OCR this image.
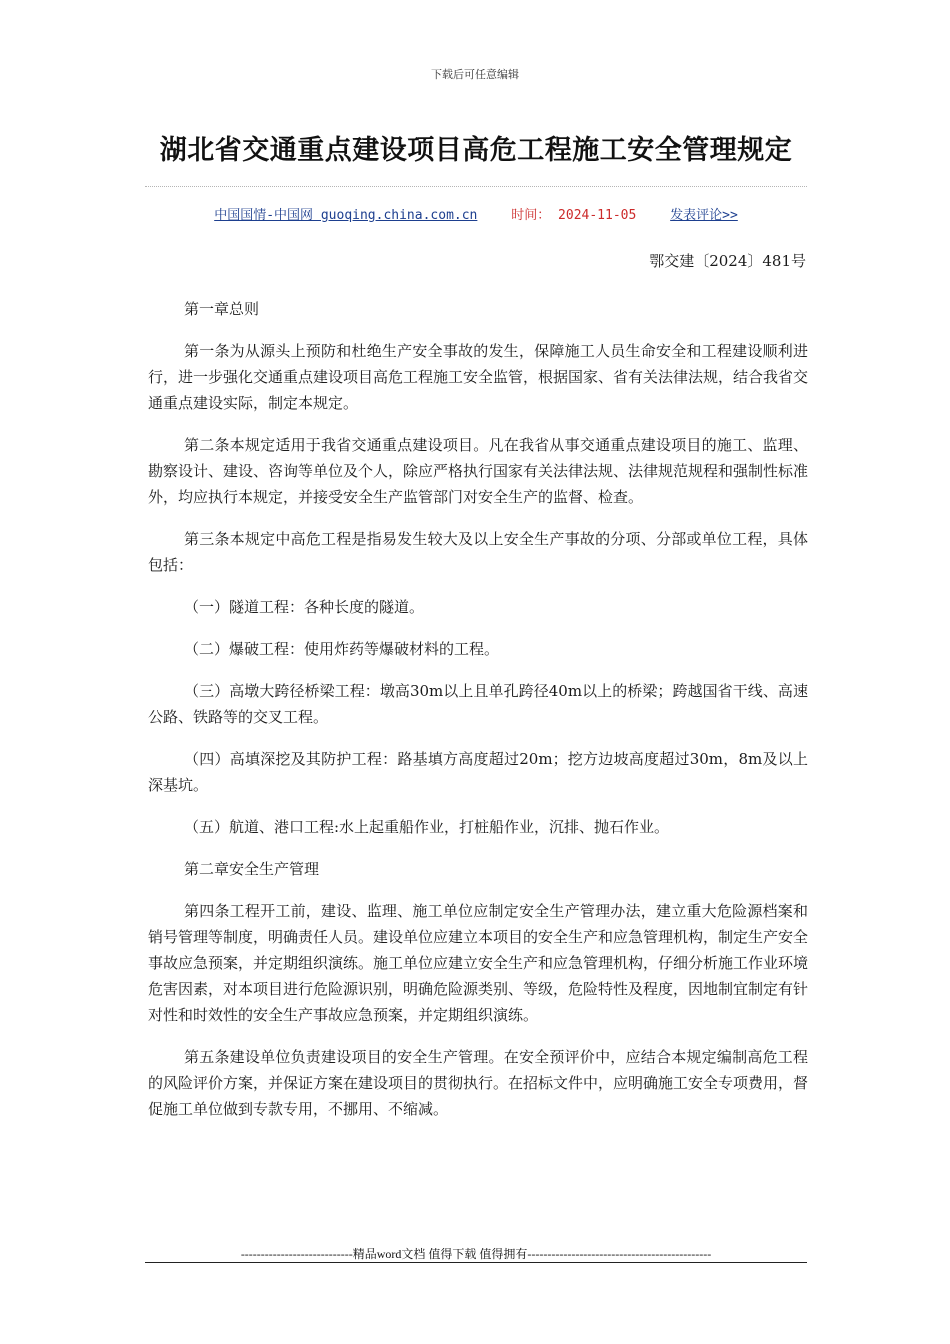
下载后可任意编辑
湖北省交通重点建设项目高危工程施工安全管理规定
中国国情-中国网 guoqing.china.com.cn	时间： 2024-11-05	发表评论>>
鄂交建〔2024〕481号

第一章总则

第一条为从源头上预防和杜绝生产安全事故的发生，保障施工人员生命安全和工程建设顺利进行，进一步强化交通重点建设项目高危工程施工安全监管，根据国家、省有关法律法规，结合我省交通重点建设实际，制定本规定。

第二条本规定适用于我省交通重点建设项目。凡在我省从事交通重点建设项目的施工、监理、勘察设计、建设、咨询等单位及个人，除应严格执行国家有关法律法规、法律规范规程和强制性标准外，均应执行本规定，并接受安全生产监管部门对安全生产的监督、检查。

第三条本规定中高危工程是指易发生较大及以上安全生产事故的分项、分部或单位工程，具体包括：

（一）隧道工程：各种长度的隧道。

（二）爆破工程：使用炸药等爆破材料的工程。

（三）高墩大跨径桥梁工程：墩高30m以上且单孔跨径40m以上的桥梁；跨越国省干线、高速公路、铁路等的交叉工程。

（四）高填深挖及其防护工程：路基填方高度超过20m；挖方边坡高度超过30m，8m及以上深基坑。

（五）航道、港口工程:水上起重船作业，打桩船作业，沉排、抛石作业。

第二章安全生产管理

第四条工程开工前，建设、监理、施工单位应制定安全生产管理办法，建立重大危险源档案和销号管理等制度，明确责任人员。建设单位应建立本项目的安全生产和应急管理机构，制定生产安全事故应急预案，并定期组织演练。施工单位应建立安全生产和应急管理机构，仔细分析施工作业环境危害因素，对本项目进行危险源识别，明确危险源类别、等级，危险特性及程度，因地制宜制定有针对性和时效性的安全生产事故应急预案，并定期组织演练。

第五条建设单位负责建设项目的安全生产管理。在安全预评价中，应结合本规定编制高危工程的风险评价方案，并保证方案在建设项目的贯彻执行。在招标文件中，应明确施工安全专项费用，督促施工单位做到专款专用，不挪用、不缩减。

----------------------------精品word文档 值得下载 值得拥有----------------------------------------------
